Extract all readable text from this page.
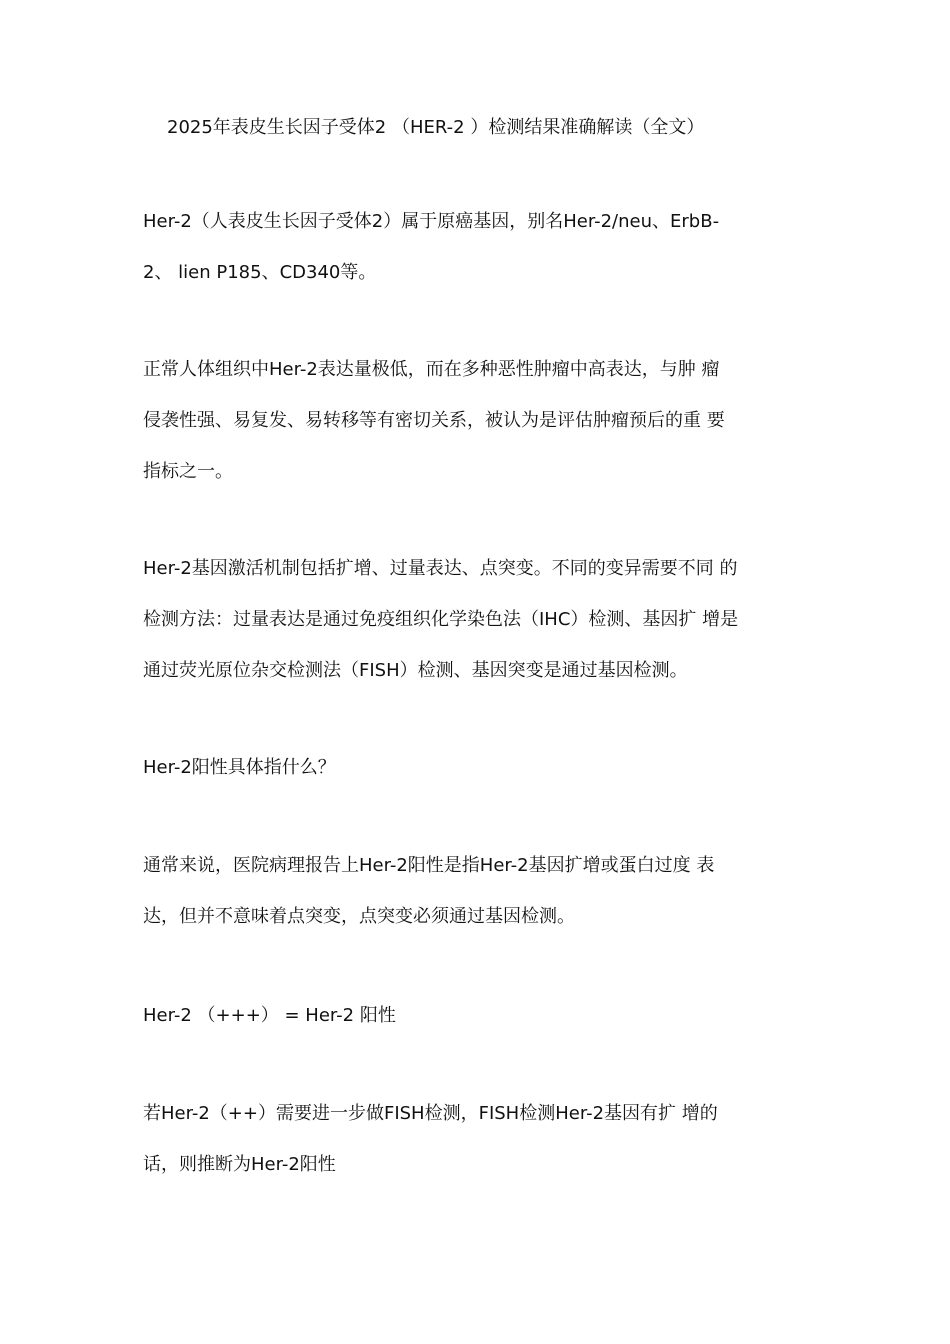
2025年表皮生长因子受体2 （HER-2 ）检测结果准确解读（全文）
Her-2（人表皮生长因子受体2）属于原癌基因，别名Her-2/neu、ErbB-
2、 lien P185、CD340等。
正常人体组织中Her-2表达量极低，而在多种恶性肿瘤中高表达，与肿 瘤
侵袭性强、易复发、易转移等有密切关系，被认为是评估肿瘤预后的重 要
指标之一。
Her-2基因激活机制包括扩增、过量表达、点突变。不同的变异需要不同 的
检测方法：过量表达是通过免疫组织化学染色法（IHC）检测、基因扩 增是
通过荧光原位杂交检测法（FISH）检测、基因突变是通过基因检测。
Her-2阳性具体指什么？
通常来说，医院病理报告上Her-2阳性是指Her-2基因扩增或蛋白过度 表
达，但并不意味着点突变，点突变必须通过基因检测。
Her-2 （+++） = Her-2 阳性
若Her-2（++）需要进一步做FISH检测，FISH检测Her-2基因有扩 增的
话，则推断为Her-2阳性
